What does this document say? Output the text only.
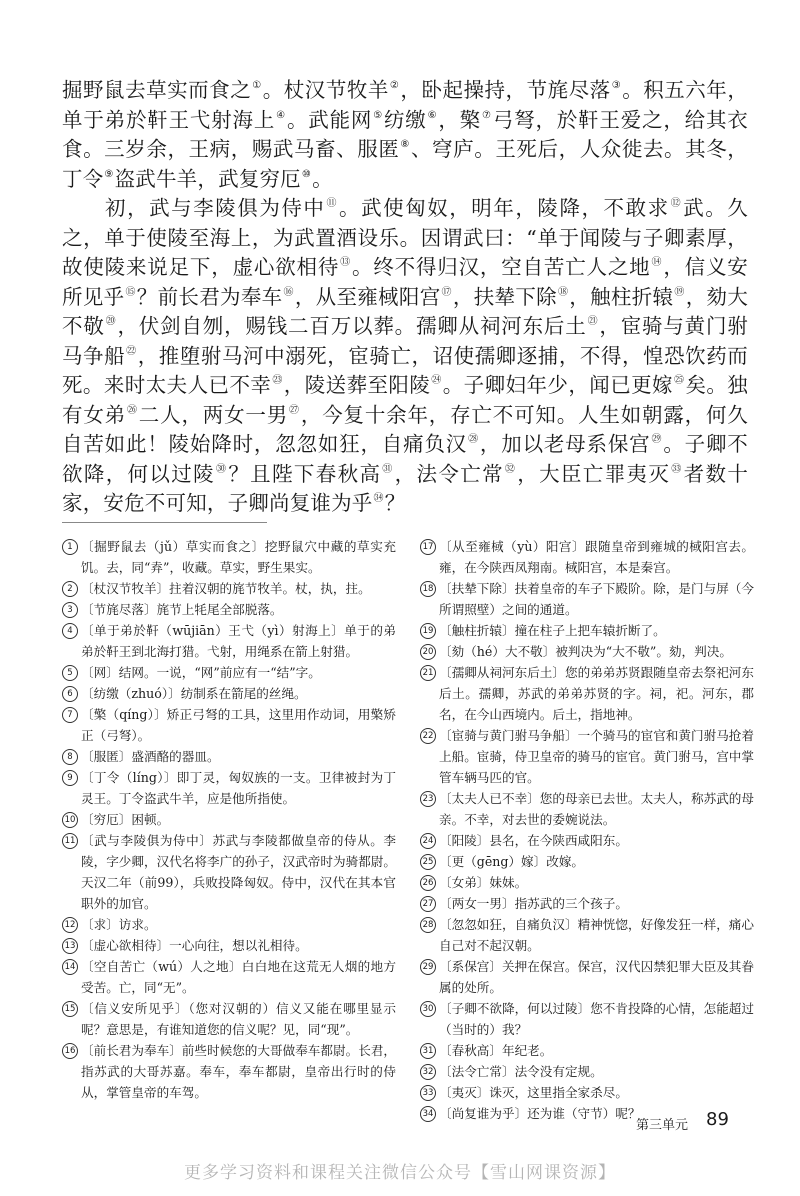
掘野鼠去草实而食之①。杖汉节牧羊②，卧起操持，节旄尽落③。积五六年，单于弟於靬王弋射海上④。武能网⑤纺缴⑥，檠⑦弓弩，於靬王爱之，给其衣食。三岁余，王病，赐武马畜、服匿⑧、穹庐。王死后，人众徙去。其冬，丁令⑨盗武牛羊，武复穷厄⑩。

初，武与李陵俱为侍中⑪。武使匈奴，明年，陵降，不敢求⑫武。久之，单于使陵至海上，为武置酒设乐。因谓武曰：“单于闻陵与子卿素厚，故使陵来说足下，虚心欲相待⑬。终不得归汉，空自苦亡人之地⑭，信义安所见乎⑮？前长君为奉车⑯，从至雍棫阳宫⑰，扶辇下除⑱，触柱折辕⑲，劾大不敬⑳，伏剑自刎，赐钱二百万以葬。孺卿从祠河东后土$^㉑$，宦骑与黄门驸马争船$^㉒$，推堕驸马河中溺死，宦骑亡，诏使孺卿逐捕，不得，惶恐饮药而死。来时太夫人已不幸$^㉓$，陵送葬至阳陵$^㉔$。子卿妇年少，闻已更嫁$^㉕$矣。独有女弟$^㉖$二人，两女一男$^㉗$，今复十余年，存亡不可知。人生如朝露，何久自苦如此！陵始降时，忽忽如狂，自痛负汉$^㉘$，加以老母系保宫$^㉙$。子卿不欲降，何以过陵$^㉚$？且陛下春秋高$^㉛$，法令亡常$^㉜$，大臣亡罪夷灭$^㉝$者数十家，安危不可知，子卿尚复谁为乎$^㉞$？

1 〔掘野鼠去（jǔ）草实而食之〕挖野鼠穴中藏的草实充饥。去，同“弆”，收藏。草实，野生果实。
2 〔杖汉节牧羊〕拄着汉朝的旄节牧羊。杖，执，拄。
3 〔节旄尽落〕旄节上牦尾全部脱落。
4 〔单于弟於靬（wūjiān）王弋（yì）射海上〕单于的弟弟於靬王到北海打猎。弋射，用绳系在箭上射猎。
5 〔网〕结网。一说，“网”前应有一“结”字。
6 〔纺缴（zhuó）〕纺制系在箭尾的丝绳。
7 〔檠（qíng）〕矫正弓弩的工具，这里用作动词，用檠矫正（弓弩）。
8 〔服匿〕盛酒酪的器皿。
9 〔丁令（líng）〕即丁灵，匈奴族的一支。卫律被封为丁灵王。丁令盗武牛羊，应是他所指使。
10 〔穷厄〕困顿。
11 〔武与李陵俱为侍中〕苏武与李陵都做皇帝的侍从。李陵，字少卿，汉代名将李广的孙子，汉武帝时为骑都尉。天汉二年（前99），兵败投降匈奴。侍中，汉代在其本官职外的加官。
12 〔求〕访求。
13 〔虚心欲相待〕一心向往，想以礼相待。
14 〔空自苦亡（wú）人之地〕白白地在这荒无人烟的地方受苦。亡，同“无”。
15 〔信义安所见乎〕（您对汉朝的）信义又能在哪里显示呢？意思是，有谁知道您的信义呢？见，同“现”。
16 〔前长君为奉车〕前些时候您的大哥做奉车都尉。长君，指苏武的大哥苏嘉。奉车，奉车都尉，皇帝出行时的侍从，掌管皇帝的车驾。
17 〔从至雍棫（yù）阳宫〕跟随皇帝到雍城的棫阳宫去。雍，在今陕西凤翔南。棫阳宫，本是秦宫。
18 〔扶辇下除〕扶着皇帝的车子下殿阶。除，是门与屏（今所谓照壁）之间的通道。
19 〔触柱折辕〕撞在柱子上把车辕折断了。
20 〔劾（hé）大不敬〕被判决为“大不敬”。劾，判决。
21 〔孺卿从祠河东后土〕您的弟弟苏贤跟随皇帝去祭祀河东后土。孺卿，苏武的弟弟苏贤的字。祠，祀。河东，郡名，在今山西境内。后土，指地神。
22 〔宦骑与黄门驸马争船〕一个骑马的宦官和黄门驸马抢着上船。宦骑，侍卫皇帝的骑马的宦官。黄门驸马，宫中掌管车辆马匹的官。
23 〔太夫人已不幸〕您的母亲已去世。太夫人，称苏武的母亲。不幸，对去世的委婉说法。
24 〔阳陵〕县名，在今陕西咸阳东。
25 〔更（gēng）嫁〕改嫁。
26 〔女弟〕妹妹。
27 〔两女一男〕指苏武的三个孩子。
28 〔忽忽如狂，自痛负汉〕精神恍惚，好像发狂一样，痛心自己对不起汉朝。
29 〔系保宫〕关押在保宫。保宫，汉代囚禁犯罪大臣及其眷属的处所。
30 〔子卿不欲降，何以过陵〕您不肯投降的心情，怎能超过（当时的）我？
31 〔春秋高〕年纪老。
32 〔法令亡常〕法令没有定规。
33 〔夷灭〕诛灭，这里指全家杀尽。
34 〔尚复谁为乎〕还为谁（守节）呢？
第三单元 89
更多学习资料和课程关注微信公众号【雪山网课资源】
